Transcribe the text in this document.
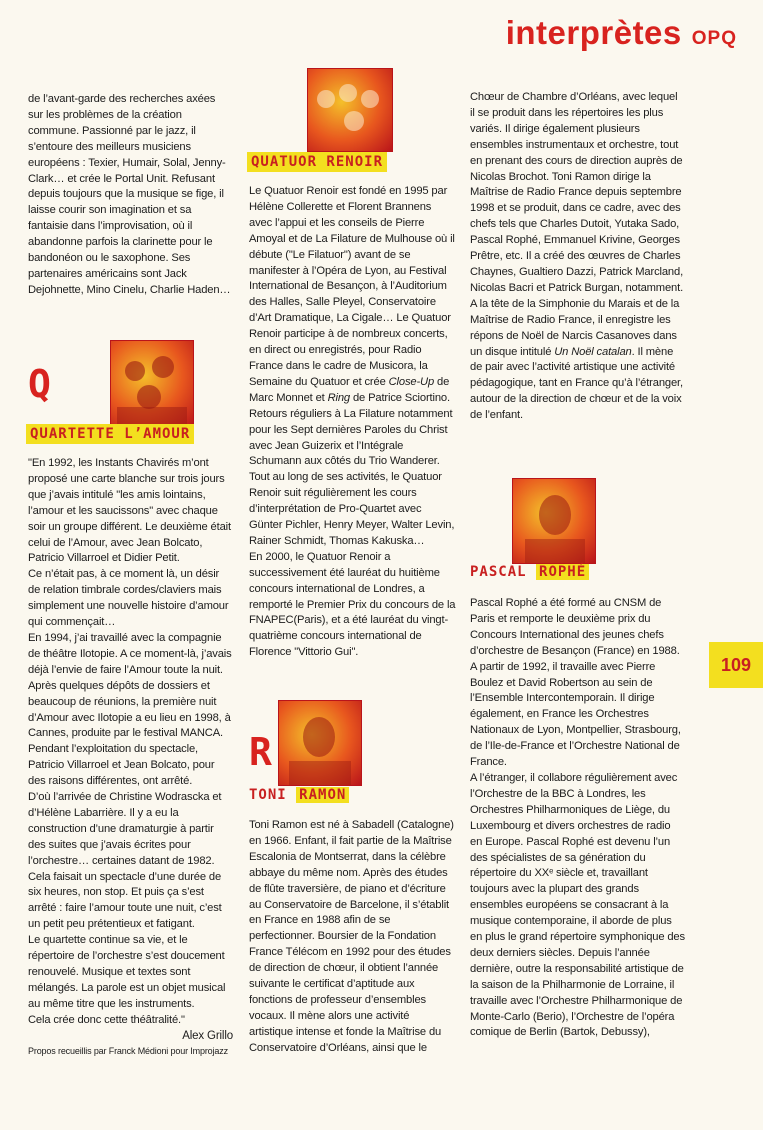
interprètes OPQ
109

de l’avant-garde des recherches axées sur les problèmes de la création commune. Passionné par le jazz, il s’entoure des meilleurs musiciens européens : Texier, Humair, Solal, Jenny-Clark… et crée le Portal Unit. Refusant depuis toujours que la musique se fige, il laisse courir son imagination et sa fantaisie dans l’improvisation, où il abandonne parfois la clarinette pour le bandonéon ou le saxophone. Ses partenaires américains sont Jack Dejohnette, Mino Cinelu, Charlie Haden…

Q
QUARTETTE L’AMOUR

"En 1992, les Instants Chavirés m’ont proposé une carte blanche sur trois jours que j’avais intitulé "les amis lointains, l’amour et les saucissons" avec chaque soir un groupe différent. Le deuxième était celui de l’Amour, avec Jean Bolcato, Patricio Villarroel et Didier Petit.

Ce n’était pas, à ce moment là, un désir de relation timbrale cordes/claviers mais simplement une nouvelle histoire d’amour qui commençait…

En 1994, j’ai travaillé avec la compagnie de théâtre Ilotopie. A ce moment-là, j’avais déjà l’envie de faire l’Amour toute la nuit. Après quelques dépôts de dossiers et beaucoup de réunions, la première nuit d’Amour avec Ilotopie a eu lieu en 1998, à Cannes, produite par le festival MANCA. Pendant l’exploitation du spectacle, Patricio Villarroel et Jean Bolcato, pour des raisons différentes, ont arrêté.

D’où l’arrivée de Christine Wodrascka et d’Hélène Labarrière. Il y a eu la construction d’une dramaturgie à partir des suites que j’avais écrites pour l’orchestre… certaines datant de 1982. Cela faisait un spectacle d’une durée de six heures, non stop. Et puis ça s’est arrêté : faire l’amour toute une nuit, c’est un petit peu prétentieux et fatigant.

Le quartette continue sa vie, et le répertoire de l’orchestre s’est doucement renouvelé. Musique et textes sont mélangés. La parole est un objet musical au même titre que les instruments.

Cela crée donc cette théâtralité."

Alex Grillo

Propos recueillis par Franck Médioni pour Improjazz

QUATUOR RENOIR

Le Quatuor Renoir est fondé en 1995 par Hélène Collerette et Florent Brannens avec l’appui et les conseils de Pierre Amoyal et de La Filature de Mulhouse où il débute ("Le Filatuor") avant de se manifester à l’Opéra de Lyon, au Festival International de Besançon, à l’Auditorium des Halles, Salle Pleyel, Conservatoire d’Art Dramatique, La Cigale… Le Quatuor Renoir participe à de nombreux concerts, en direct ou enregistrés, pour Radio France dans le cadre de Musicora, la Semaine du Quatuor et crée Close-Up de Marc Monnet et Ring de Patrice Sciortino. Retours réguliers à La Filature notamment pour les Sept dernières Paroles du Christ avec Jean Guizerix et l’Intégrale Schumann aux côtés du Trio Wanderer. Tout au long de ses activités, le Quatuor Renoir suit régulièrement les cours d’interprétation de Pro-Quartet avec Günter Pichler, Henry Meyer, Walter Levin, Rainer Schmidt, Thomas Kakuska…

En 2000, le Quatuor Renoir a successivement été lauréat du huitième concours international de Londres, a remporté le Premier Prix du concours de la FNAPEC(Paris), et a été lauréat du vingt-quatrième concours international de Florence "Vittorio Gui".

R
TONI RAMON

Toni Ramon est né à Sabadell (Catalogne) en 1966. Enfant, il fait partie de la Maîtrise Escalonia de Montserrat, dans la célèbre abbaye du même nom. Après des études de flûte traversière, de piano et d’écriture au Conservatoire de Barcelone, il s’établit en France en 1988 afin de se perfectionner. Boursier de la Fondation France Télécom en 1992 pour des études de direction de chœur, il obtient l’année suivante le certificat d’aptitude aux fonctions de professeur d’ensembles vocaux. Il mène alors une activité artistique intense et fonde la Maîtrise du Conservatoire d’Orléans, ainsi que le

Chœur de Chambre d’Orléans, avec lequel il se produit dans les répertoires les plus variés. Il dirige également plusieurs ensembles instrumentaux et orchestre, tout en prenant des cours de direction auprès de Nicolas Brochot. Toni Ramon dirige la Maîtrise de Radio France depuis septembre 1998 et se produit, dans ce cadre, avec des chefs tels que Charles Dutoit, Yutaka Sado, Pascal Rophé, Emmanuel Krivine, Georges Prêtre, etc. Il a créé des œuvres de Charles Chaynes, Gualtiero Dazzi, Patrick Marcland, Nicolas Bacri et Patrick Burgan, notamment. A la tête de la Simphonie du Marais et de la Maîtrise de Radio France, il enregistre les répons de Noël de Narcis Casanoves dans un disque intitulé Un Noël catalan. Il mène de pair avec l’activité artistique une activité pédagogique, tant en France qu’à l’étranger, autour de la direction de chœur et de la voix de l’enfant.

PASCAL ROPHÉ

Pascal Rophé a été formé au CNSM de Paris et remporte le deuxième prix du Concours International des jeunes chefs d’orchestre de Besançon (France) en 1988. A partir de 1992, il travaille avec Pierre Boulez et David Robertson au sein de l’Ensemble Intercontemporain. Il dirige également, en France les Orchestres Nationaux de Lyon, Montpellier, Strasbourg, de l’Ile-de-France et l’Orchestre National de France.

A l’étranger, il collabore régulièrement avec l’Orchestre de la BBC à Londres, les Orchestres Philharmoniques de Liège, du Luxembourg et divers orchestres de radio en Europe. Pascal Rophé est devenu l’un des spécialistes de sa génération du répertoire du XXᵉ siècle et, travaillant toujours avec la plupart des grands ensembles européens se consacrant à la musique contemporaine, il aborde de plus en plus le grand répertoire symphonique des deux derniers siècles. Depuis l’année dernière, outre la responsabilité artistique de la saison de la Philharmonie de Lorraine, il travaille avec l’Orchestre Philharmonique de Monte-Carlo (Berio), l’Orchestre de l’opéra comique de Berlin (Bartok, Debussy),
